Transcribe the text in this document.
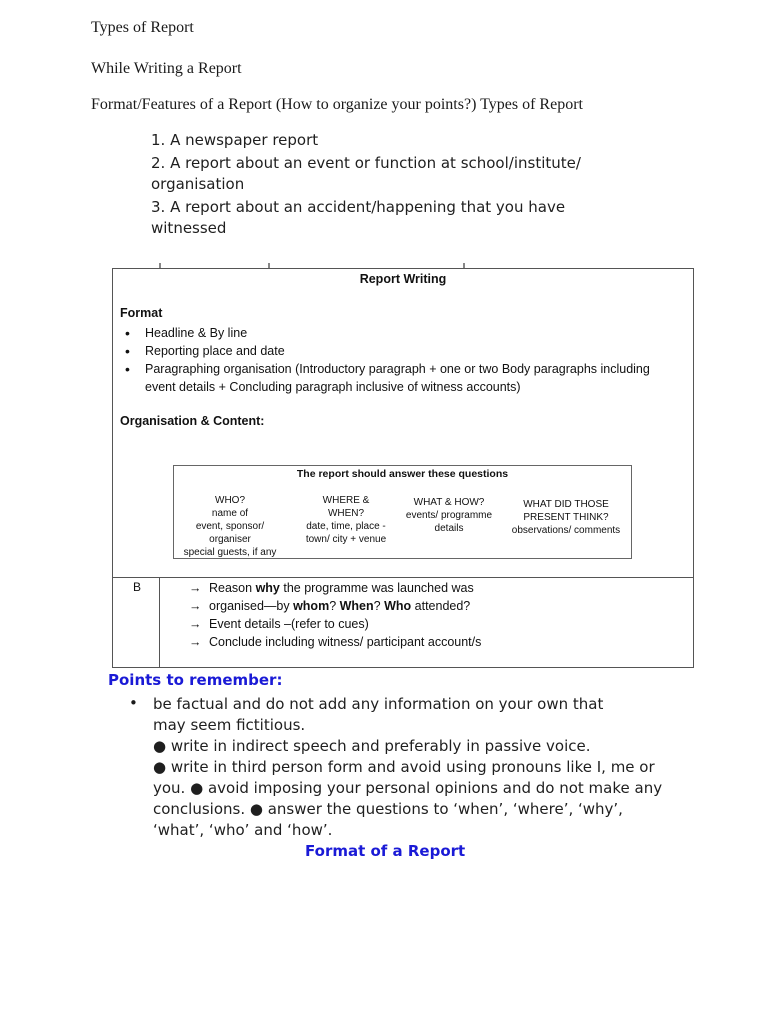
Types of Report
While Writing a Report
Format/Features of a Report (How to organize your points?) Types of Report
1. A newspaper report
2. A report about an event or function at school/institute/
organisation
3. A report about an accident/happening that you have
witnessed
Report Writing
Format
• Headline & By line
• Reporting place and date
• Paragraphing organisation (Introductory paragraph + one or two Body paragraphs including
event details + Concluding paragraph inclusive of witness accounts)
Organisation & Content:
The report should answer these questions
WHO?
name of
event, sponsor/ organiser
special guests, if any
WHERE &
WHEN?
date, time, place -
town/ city + venue
WHAT & HOW?
events/ programme
details
WHAT DID THOSE
PRESENT THINK?
observations/ comments
B	→ Reason why the programme was launched was
→ organised—by whom? When? Who attended?
→ Event details –(refer to cues)
→ Conclude including witness/ participant account/s
Points to remember:
• be factual and do not add any information on your own that
may seem fictitious.
● write in indirect speech and preferably in passive voice.
● write in third person form and avoid using pronouns like I, me or
you. ● avoid imposing your personal opinions and do not make any
conclusions. ● answer the questions to ‘when’, ‘where’, ‘why’,
‘what’, ‘who’ and ‘how’.
Format of a Report
